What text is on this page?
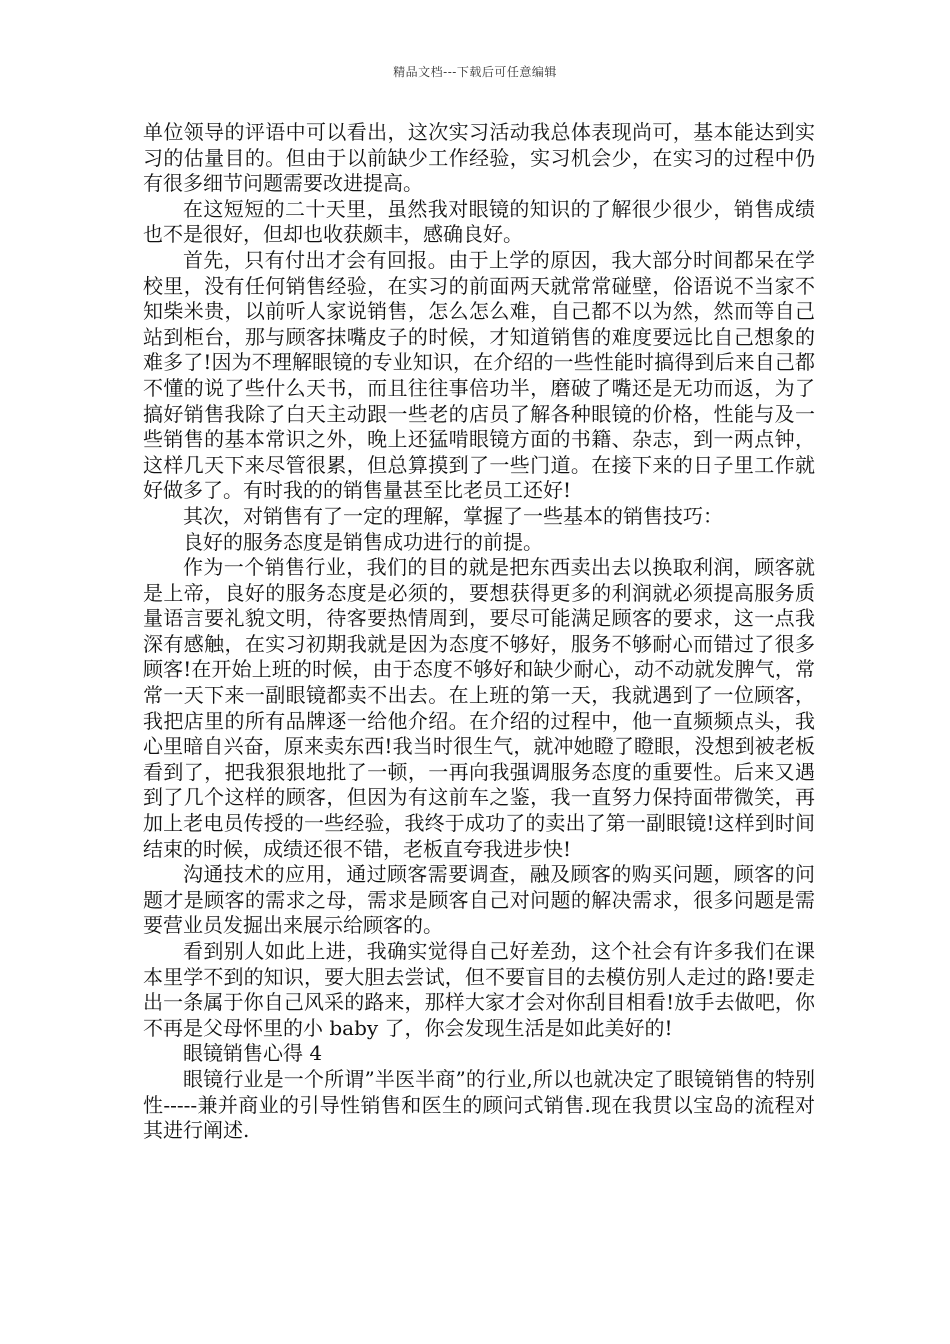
精品文档---下载后可任意编辑

单位领导的评语中可以看出，这次实习活动我总体表现尚可，基本能达到实习的估量目的。但由于以前缺少工作经验，实习机会少，在实习的过程中仍有很多细节问题需要改进提高。

在这短短的二十天里，虽然我对眼镜的知识的了解很少很少，销售成绩也不是很好，但却也收获颇丰，感确良好。

首先，只有付出才会有回报。由于上学的原因，我大部分时间都呆在学校里，没有任何销售经验，在实习的前面两天就常常碰壁，俗语说不当家不知柴米贵，以前听人家说销售，怎么怎么难，自己都不以为然，然而等自己站到柜台，那与顾客抹嘴皮子的时候，才知道销售的难度要远比自己想象的难多了!因为不理解眼镜的专业知识，在介绍的一些性能时搞得到后来自己都不懂的说了些什么天书，而且往往事倍功半，磨破了嘴还是无功而返，为了搞好销售我除了白天主动跟一些老的店员了解各种眼镜的价格，性能与及一些销售的基本常识之外，晚上还猛啃眼镜方面的书籍、杂志，到一两点钟，这样几天下来尽管很累，但总算摸到了一些门道。在接下来的日子里工作就好做多了。有时我的的销售量甚至比老员工还好!

其次，对销售有了一定的理解，掌握了一些基本的销售技巧：

良好的服务态度是销售成功进行的前提。

作为一个销售行业，我们的目的就是把东西卖出去以换取利润，顾客就是上帝，良好的服务态度是必须的，要想获得更多的利润就必须提高服务质量语言要礼貌文明，待客要热情周到，要尽可能满足顾客的要求，这一点我深有感触，在实习初期我就是因为态度不够好，服务不够耐心而错过了很多顾客!在开始上班的时候，由于态度不够好和缺少耐心，动不动就发脾气，常常一天下来一副眼镜都卖不出去。在上班的第一天，我就遇到了一位顾客，我把店里的所有品牌逐一给他介绍。在介绍的过程中，他一直频频点头，我心里暗自兴奋，原来卖东西!我当时很生气，就冲她瞪了瞪眼，没想到被老板看到了，把我狠狠地批了一顿，一再向我强调服务态度的重要性。后来又遇到了几个这样的顾客，但因为有这前车之鉴，我一直努力保持面带微笑，再加上老电员传授的一些经验，我终于成功了的卖出了第一副眼镜!这样到时间结束的时候，成绩还很不错，老板直夸我进步快!

沟通技术的应用，通过顾客需要调查，融及顾客的购买问题，顾客的问题才是顾客的需求之母，需求是顾客自己对问题的解决需求，很多问题是需要营业员发掘出来展示给顾客的。

看到别人如此上进，我确实觉得自己好差劲，这个社会有许多我们在课本里学不到的知识，要大胆去尝试，但不要盲目的去模仿别人走过的路!要走出一条属于你自己风采的路来，那样大家才会对你刮目相看!放手去做吧，你不再是父母怀里的小 baby 了，你会发现生活是如此美好的!

眼镜销售心得 4

眼镜行业是一个所谓”半医半商”的行业,所以也就决定了眼镜销售的特别性-----兼并商业的引导性销售和医生的顾问式销售.现在我贯以宝岛的流程对其进行阐述.
